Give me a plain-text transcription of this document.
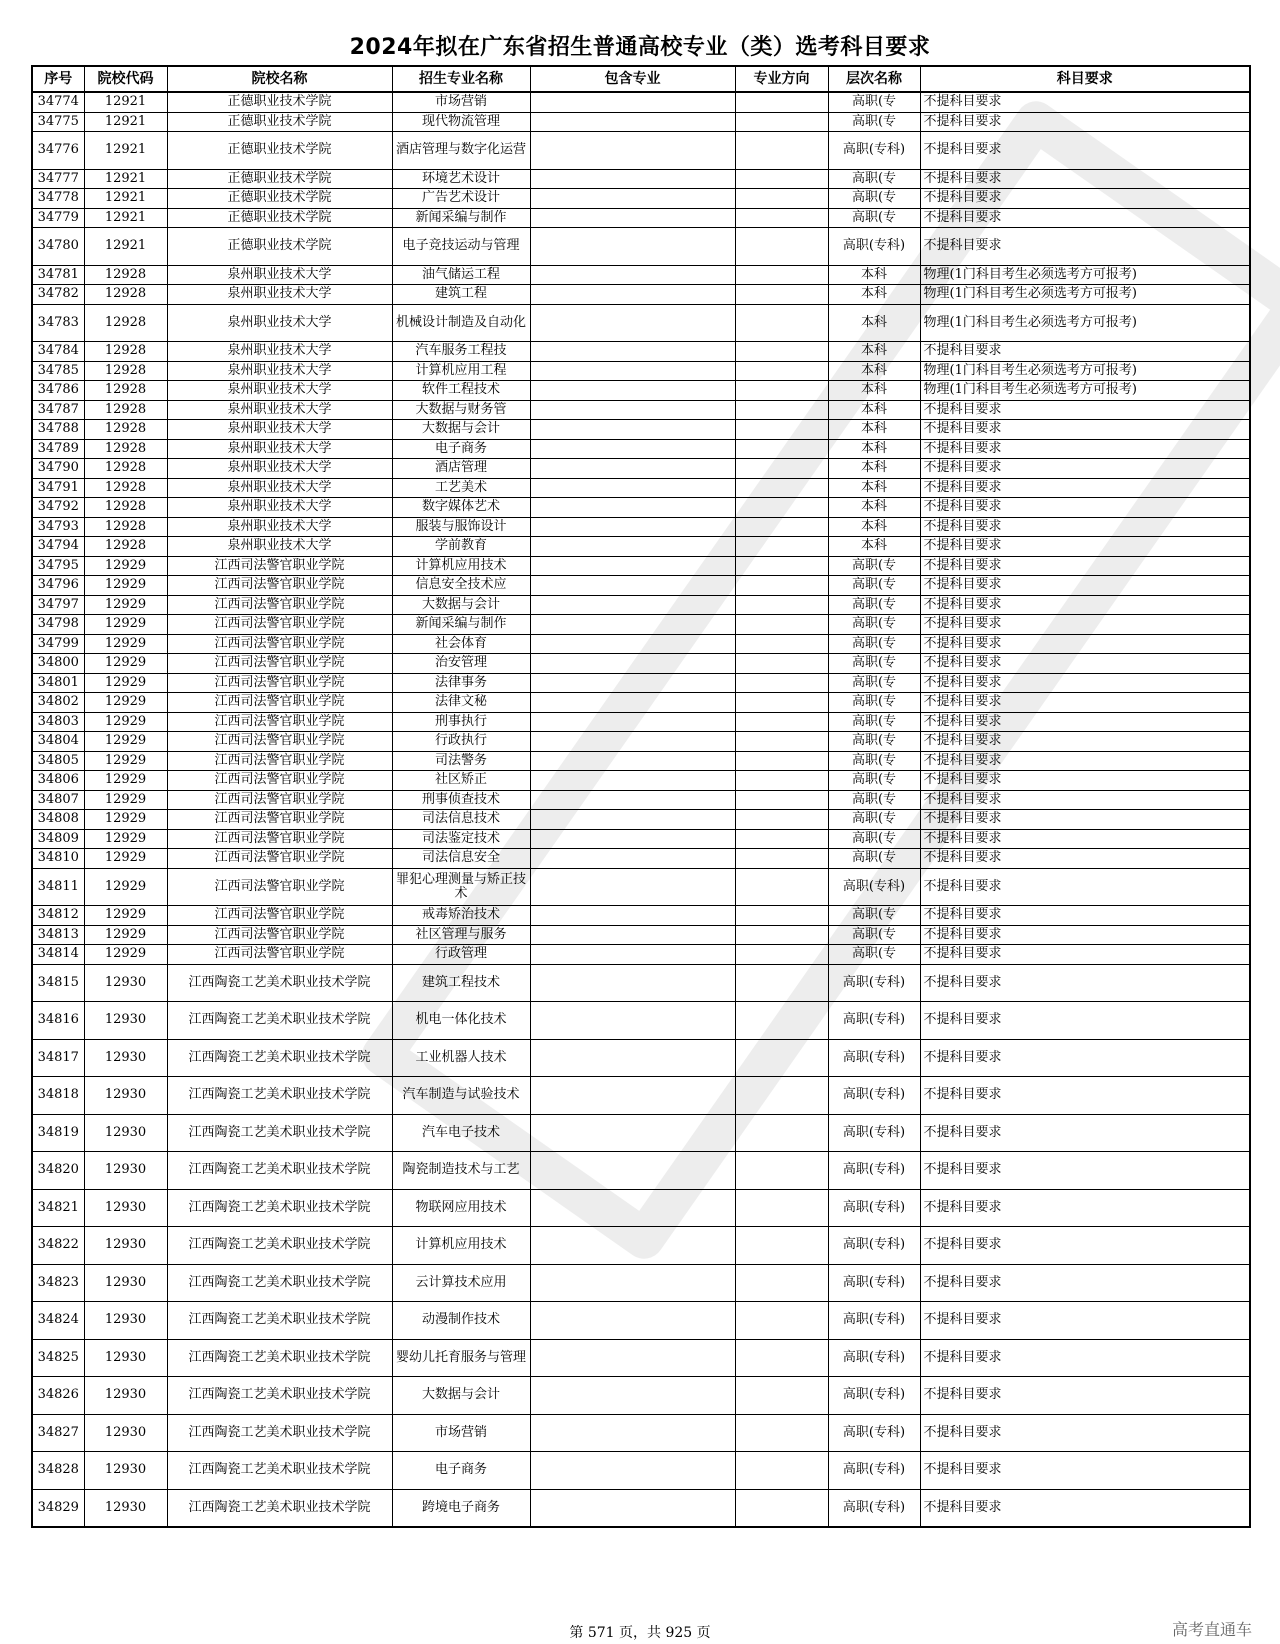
2024年拟在广东省招生普通高校专业（类）选考科目要求
序号	院校代码	院校名称	招生专业名称	包含专业	专业方向	层次名称	科目要求
34774	12921	正德职业技术学院	市场营销			高职(专	不提科目要求
34775	12921	正德职业技术学院	现代物流管理			高职(专	不提科目要求
34776	12921	正德职业技术学院	酒店管理与数字化运营			高职(专科)	不提科目要求
34777	12921	正德职业技术学院	环境艺术设计			高职(专	不提科目要求
34778	12921	正德职业技术学院	广告艺术设计			高职(专	不提科目要求
34779	12921	正德职业技术学院	新闻采编与制作			高职(专	不提科目要求
34780	12921	正德职业技术学院	电子竞技运动与管理			高职(专科)	不提科目要求
34781	12928	泉州职业技术大学	油气储运工程			本科	物理(1门科目考生必须选考方可报考)
34782	12928	泉州职业技术大学	建筑工程			本科	物理(1门科目考生必须选考方可报考)
34783	12928	泉州职业技术大学	机械设计制造及自动化			本科	物理(1门科目考生必须选考方可报考)
34784	12928	泉州职业技术大学	汽车服务工程技			本科	不提科目要求
34785	12928	泉州职业技术大学	计算机应用工程			本科	物理(1门科目考生必须选考方可报考)
34786	12928	泉州职业技术大学	软件工程技术			本科	物理(1门科目考生必须选考方可报考)
34787	12928	泉州职业技术大学	大数据与财务管			本科	不提科目要求
34788	12928	泉州职业技术大学	大数据与会计			本科	不提科目要求
34789	12928	泉州职业技术大学	电子商务			本科	不提科目要求
34790	12928	泉州职业技术大学	酒店管理			本科	不提科目要求
34791	12928	泉州职业技术大学	工艺美术			本科	不提科目要求
34792	12928	泉州职业技术大学	数字媒体艺术			本科	不提科目要求
34793	12928	泉州职业技术大学	服装与服饰设计			本科	不提科目要求
34794	12928	泉州职业技术大学	学前教育			本科	不提科目要求
34795	12929	江西司法警官职业学院	计算机应用技术			高职(专	不提科目要求
34796	12929	江西司法警官职业学院	信息安全技术应			高职(专	不提科目要求
34797	12929	江西司法警官职业学院	大数据与会计			高职(专	不提科目要求
34798	12929	江西司法警官职业学院	新闻采编与制作			高职(专	不提科目要求
34799	12929	江西司法警官职业学院	社会体育			高职(专	不提科目要求
34800	12929	江西司法警官职业学院	治安管理			高职(专	不提科目要求
34801	12929	江西司法警官职业学院	法律事务			高职(专	不提科目要求
34802	12929	江西司法警官职业学院	法律文秘			高职(专	不提科目要求
34803	12929	江西司法警官职业学院	刑事执行			高职(专	不提科目要求
34804	12929	江西司法警官职业学院	行政执行			高职(专	不提科目要求
34805	12929	江西司法警官职业学院	司法警务			高职(专	不提科目要求
34806	12929	江西司法警官职业学院	社区矫正			高职(专	不提科目要求
34807	12929	江西司法警官职业学院	刑事侦查技术			高职(专	不提科目要求
34808	12929	江西司法警官职业学院	司法信息技术			高职(专	不提科目要求
34809	12929	江西司法警官职业学院	司法鉴定技术			高职(专	不提科目要求
34810	12929	江西司法警官职业学院	司法信息安全			高职(专	不提科目要求
34811	12929	江西司法警官职业学院	罪犯心理测量与矫正技术			高职(专科)	不提科目要求
34812	12929	江西司法警官职业学院	戒毒矫治技术			高职(专	不提科目要求
34813	12929	江西司法警官职业学院	社区管理与服务			高职(专	不提科目要求
34814	12929	江西司法警官职业学院	行政管理			高职(专	不提科目要求
34815	12930	江西陶瓷工艺美术职业技术学院	建筑工程技术			高职(专科)	不提科目要求
34816	12930	江西陶瓷工艺美术职业技术学院	机电一体化技术			高职(专科)	不提科目要求
34817	12930	江西陶瓷工艺美术职业技术学院	工业机器人技术			高职(专科)	不提科目要求
34818	12930	江西陶瓷工艺美术职业技术学院	汽车制造与试验技术			高职(专科)	不提科目要求
34819	12930	江西陶瓷工艺美术职业技术学院	汽车电子技术			高职(专科)	不提科目要求
34820	12930	江西陶瓷工艺美术职业技术学院	陶瓷制造技术与工艺			高职(专科)	不提科目要求
34821	12930	江西陶瓷工艺美术职业技术学院	物联网应用技术			高职(专科)	不提科目要求
34822	12930	江西陶瓷工艺美术职业技术学院	计算机应用技术			高职(专科)	不提科目要求
34823	12930	江西陶瓷工艺美术职业技术学院	云计算技术应用			高职(专科)	不提科目要求
34824	12930	江西陶瓷工艺美术职业技术学院	动漫制作技术			高职(专科)	不提科目要求
34825	12930	江西陶瓷工艺美术职业技术学院	婴幼儿托育服务与管理			高职(专科)	不提科目要求
34826	12930	江西陶瓷工艺美术职业技术学院	大数据与会计			高职(专科)	不提科目要求
34827	12930	江西陶瓷工艺美术职业技术学院	市场营销			高职(专科)	不提科目要求
34828	12930	江西陶瓷工艺美术职业技术学院	电子商务			高职(专科)	不提科目要求
34829	12930	江西陶瓷工艺美术职业技术学院	跨境电子商务			高职(专科)	不提科目要求
第 571 页，共 925 页	高考直通车
